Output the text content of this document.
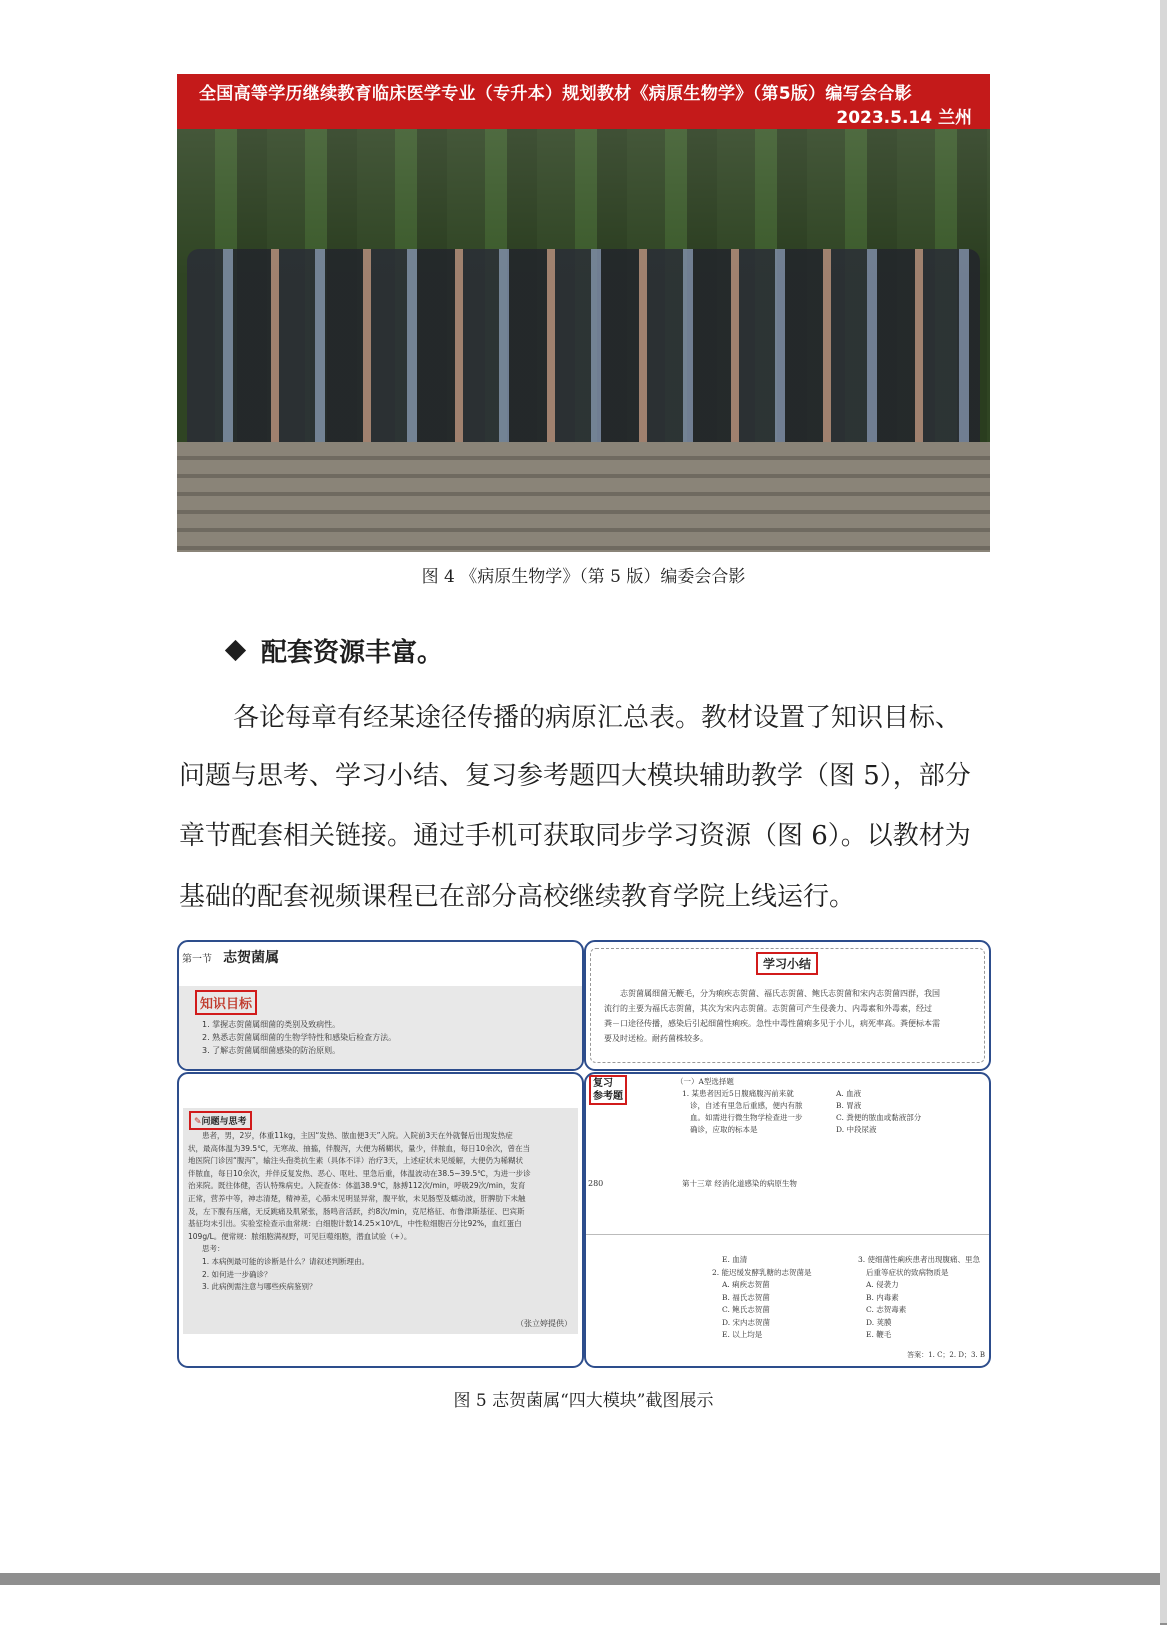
全国高等学历继续教育临床医学专业（专升本）规划教材《病原生物学》（第5版）编写会合影
2023.5.14 兰州
图 4 《病原生物学》（第 5 版）编委会合影
配套资源丰富。
各论每章有经某途径传播的病原汇总表。教材设置了知识目标、
问题与思考、学习小结、复习参考题四大模块辅助教学（图 5），部分
章节配套相关链接。通过手机可获取同步学习资源（图 6）。以教材为
基础的配套视频课程已在部分高校继续教育学院上线运行。
第一节 志贺菌属
知识目标
1. 掌握志贺菌属细菌的类别及致病性。
2. 熟悉志贺菌属细菌的生物学特性和感染后检查方法。
3. 了解志贺菌属细菌感染的防治原则。
学习小结
志贺菌属细菌无鞭毛，分为痢疾志贺菌、福氏志贺菌、鲍氏志贺菌和宋内志贺菌四群，我国
流行的主要为福氏志贺菌，其次为宋内志贺菌。志贺菌可产生侵袭力、内毒素和外毒素，经过
粪－口途径传播，感染后引起细菌性痢疾。急性中毒性菌痢多见于小儿，病死率高。粪便标本需
要及时送检。耐药菌株较多。
✎问题与思考
患者，男，2岁，体重11kg，主因“发热、脓血便3天”入院。入院前3天在外就餐后出现发热症
状，最高体温为39.5℃，无寒战、抽搐，伴腹泻，大便为稀糊状，量少，伴脓血，每日10余次，曾在当
地医院门诊因“腹泻”，输注头孢类抗生素（具体不详）治疗3天，上述症状未见缓解，大便仍为稀糊状
伴脓血，每日10余次，并伴反复发热、恶心、呕吐、里急后重，体温波动在38.5~39.5℃，为进一步诊
治来院。既往体健，否认特殊病史。入院查体：体温38.9℃，脉搏112次/min，呼吸29次/min，发育
正常，营养中等，神志清楚，精神差，心肺未见明显异常，腹平软，未见肠型及蠕动波，肝脾肋下未触
及，左下腹有压痛，无反跳痛及肌紧张，肠鸣音活跃，约8次/min，克尼格征、布鲁津斯基征、巴宾斯
基征均未引出。实验室检查示血常规：白细胞计数14.25×10⁹/L，中性粒细胞百分比92%，血红蛋白
109g/L。便常规：脓细胞满视野，可见巨噬细胞，潜血试验（+）。
思考：
1. 本病例最可能的诊断是什么？请叙述判断理由。
2. 如何进一步确诊？
3. 此病例需注意与哪些疾病鉴别？
（张立婷提供）
复习
参考题
（一）A型选择题
1. 某患者因近5日腹痛腹泻前来就
诊，自述有里急后重感，便内有脓
血。如需进行微生物学检查进一步
确诊，应取的标本是
A. 血液
B. 胃液
C. 粪便的脓血或黏液部分
D. 中段尿液
280	第十三章 经消化道感染的病原生物
E. 血清
2. 能迟缓发酵乳糖的志贺菌是
A. 痢疾志贺菌
B. 福氏志贺菌
C. 鲍氏志贺菌
D. 宋内志贺菌
E. 以上均是
3. 使细菌性痢疾患者出现腹痛、里急
后重等症状的致病物质是
A. 侵袭力
B. 内毒素
C. 志贺毒素
D. 荚膜
E. 鞭毛
答案：1. C；2. D；3. B
图 5 志贺菌属“四大模块”截图展示
